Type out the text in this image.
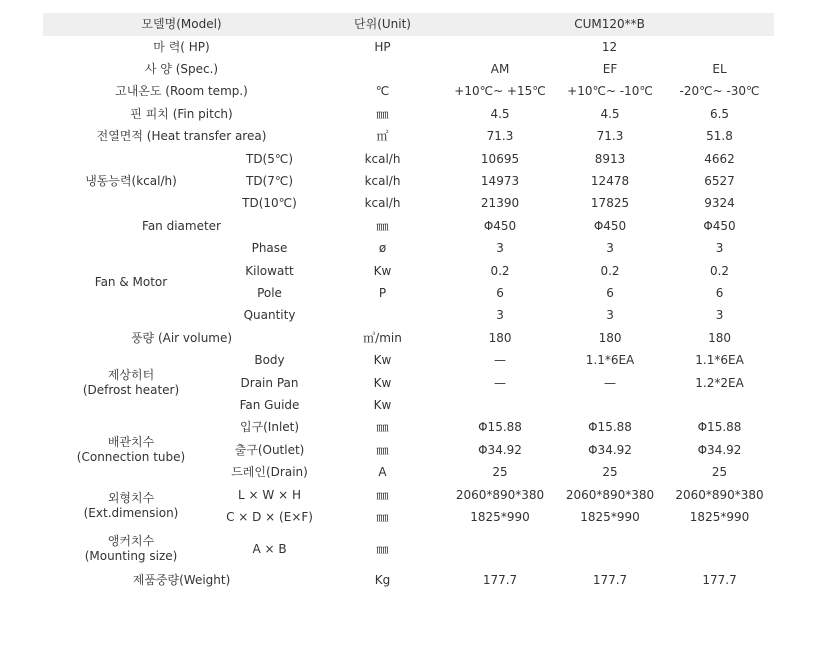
모델명(Model)		단위(Unit)	CUM120**B		
마 력( HP)		HP	12		
사 양 (Spec.)			AM	EF	EL
고내온도 (Room temp.)		℃	+10℃~ +15℃	+10℃~ -10℃	-20℃~ -30℃
핀 피치 (Fin pitch)		㎜	4.5	4.5	6.5
전열면적 (Heat transfer area)		㎡	71.3	71.3	51.8
냉동능력(kcal/h)	TD(5℃)	kcal/h	10695	8913	4662
	TD(7℃)	kcal/h	14973	12478	6527
	TD(10℃)	kcal/h	21390	17825	9324
Fan diameter		㎜	Φ450	Φ450	Φ450
Fan & Motor	Phase	ø	3	3	3
	Kilowatt	Kw	0.2	0.2	0.2
	Pole	P	6	6	6
	Quantity		3	3	3
풍량 (Air volume)		㎥/min	180	180	180

제상히터
(Defrost heater)	Body	Kw	—	1.1*6EA	1.1*6EA
	Drain Pan	Kw	—	—	1.2*2EA
	Fan Guide	Kw			

배관치수
(Connection tube)	입구(Inlet)	㎜	Φ15.88	Φ15.88	Φ15.88
	출구(Outlet)	㎜	Φ34.92	Φ34.92	Φ34.92
	드레인(Drain)	A	25	25	25

외형치수
(Ext.dimension)	L × W × H	㎜	2060*890*380	2060*890*380	2060*890*380
	C × D × (E×F)	㎜	1825*990	1825*990	1825*990

앵커치수
(Mounting size)	A × B	㎜			
제품중량(Weight)		Kg	177.7	177.7	177.7
